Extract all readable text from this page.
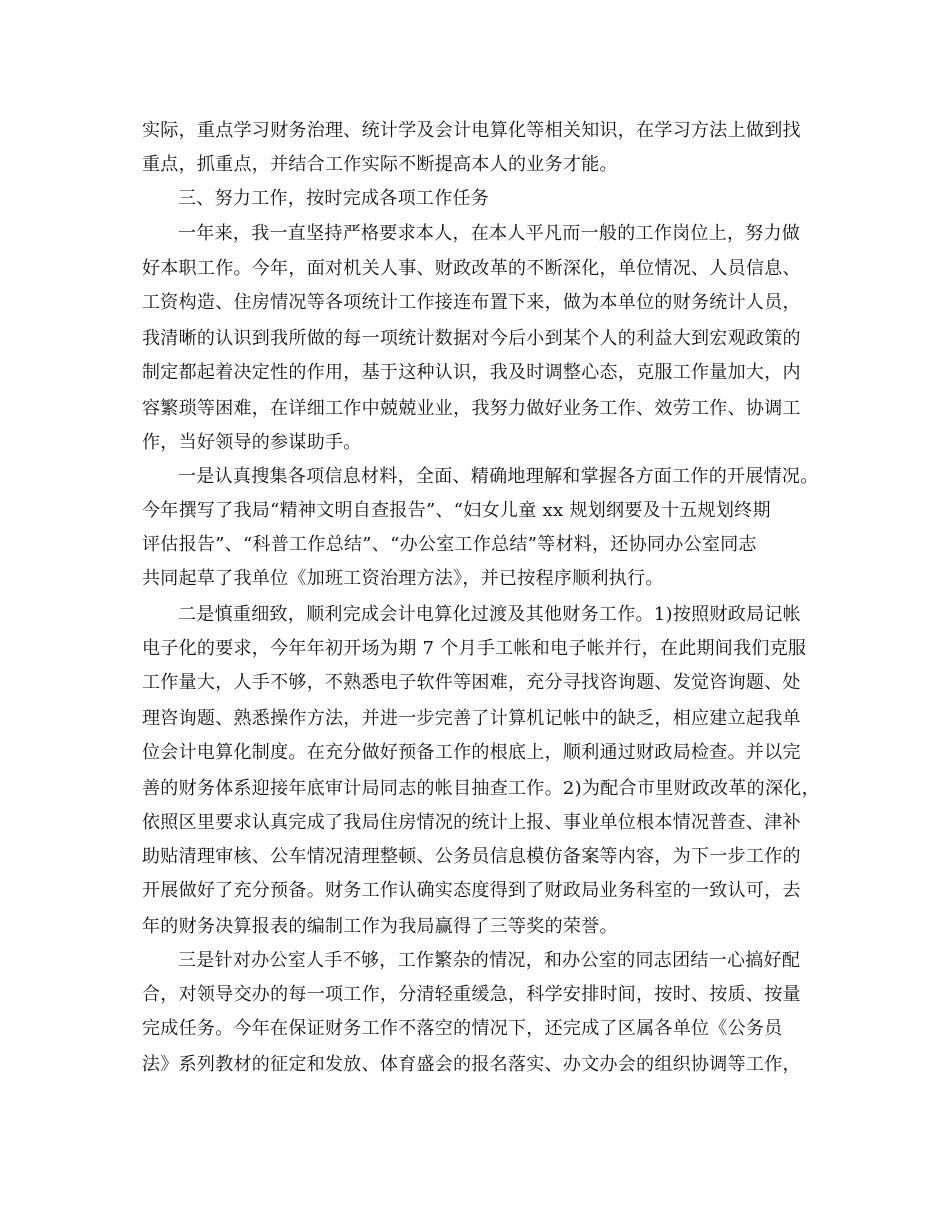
实际，重点学习财务治理、统计学及会计电算化等相关知识，在学习方法上做到找
重点，抓重点，并结合工作实际不断提高本人的业务才能。
三、努力工作，按时完成各项工作任务
一年来，我一直坚持严格要求本人，在本人平凡而一般的工作岗位上，努力做
好本职工作。今年，面对机关人事、财政改革的不断深化，单位情况、人员信息、
工资构造、住房情况等各项统计工作接连布置下来，做为本单位的财务统计人员，
我清晰的认识到我所做的每一项统计数据对今后小到某个人的利益大到宏观政策的
制定都起着决定性的作用，基于这种认识，我及时调整心态，克服工作量加大，内
容繁琐等困难，在详细工作中兢兢业业，我努力做好业务工作、效劳工作、协调工
作，当好领导的参谋助手。
一是认真搜集各项信息材料，全面、精确地理解和掌握各方面工作的开展情况。
今年撰写了我局“精神文明自查报告”、“妇女儿童 xx 规划纲要及十五规划终期
评估报告”、“科普工作总结”、“办公室工作总结”等材料，还协同办公室同志
共同起草了我单位《加班工资治理方法》，并已按程序顺利执行。
二是慎重细致，顺利完成会计电算化过渡及其他财务工作。1)按照财政局记帐
电子化的要求，今年年初开场为期 7 个月手工帐和电子帐并行，在此期间我们克服
工作量大，人手不够，不熟悉电子软件等困难，充分寻找咨询题、发觉咨询题、处
理咨询题、熟悉操作方法，并进一步完善了计算机记帐中的缺乏，相应建立起我单
位会计电算化制度。在充分做好预备工作的根底上，顺利通过财政局检查。并以完
善的财务体系迎接年底审计局同志的帐目抽查工作。2)为配合市里财政改革的深化，
依照区里要求认真完成了我局住房情况的统计上报、事业单位根本情况普查、津补
助贴清理审核、公车情况清理整顿、公务员信息模仿备案等内容，为下一步工作的
开展做好了充分预备。财务工作认确实态度得到了财政局业务科室的一致认可，去
年的财务决算报表的编制工作为我局赢得了三等奖的荣誉。
三是针对办公室人手不够，工作繁杂的情况，和办公室的同志团结一心搞好配
合，对领导交办的每一项工作，分清轻重缓急，科学安排时间，按时、按质、按量
完成任务。今年在保证财务工作不落空的情况下，还完成了区属各单位《公务员
法》系列教材的征定和发放、体育盛会的报名落实、办文办会的组织协调等工作，
